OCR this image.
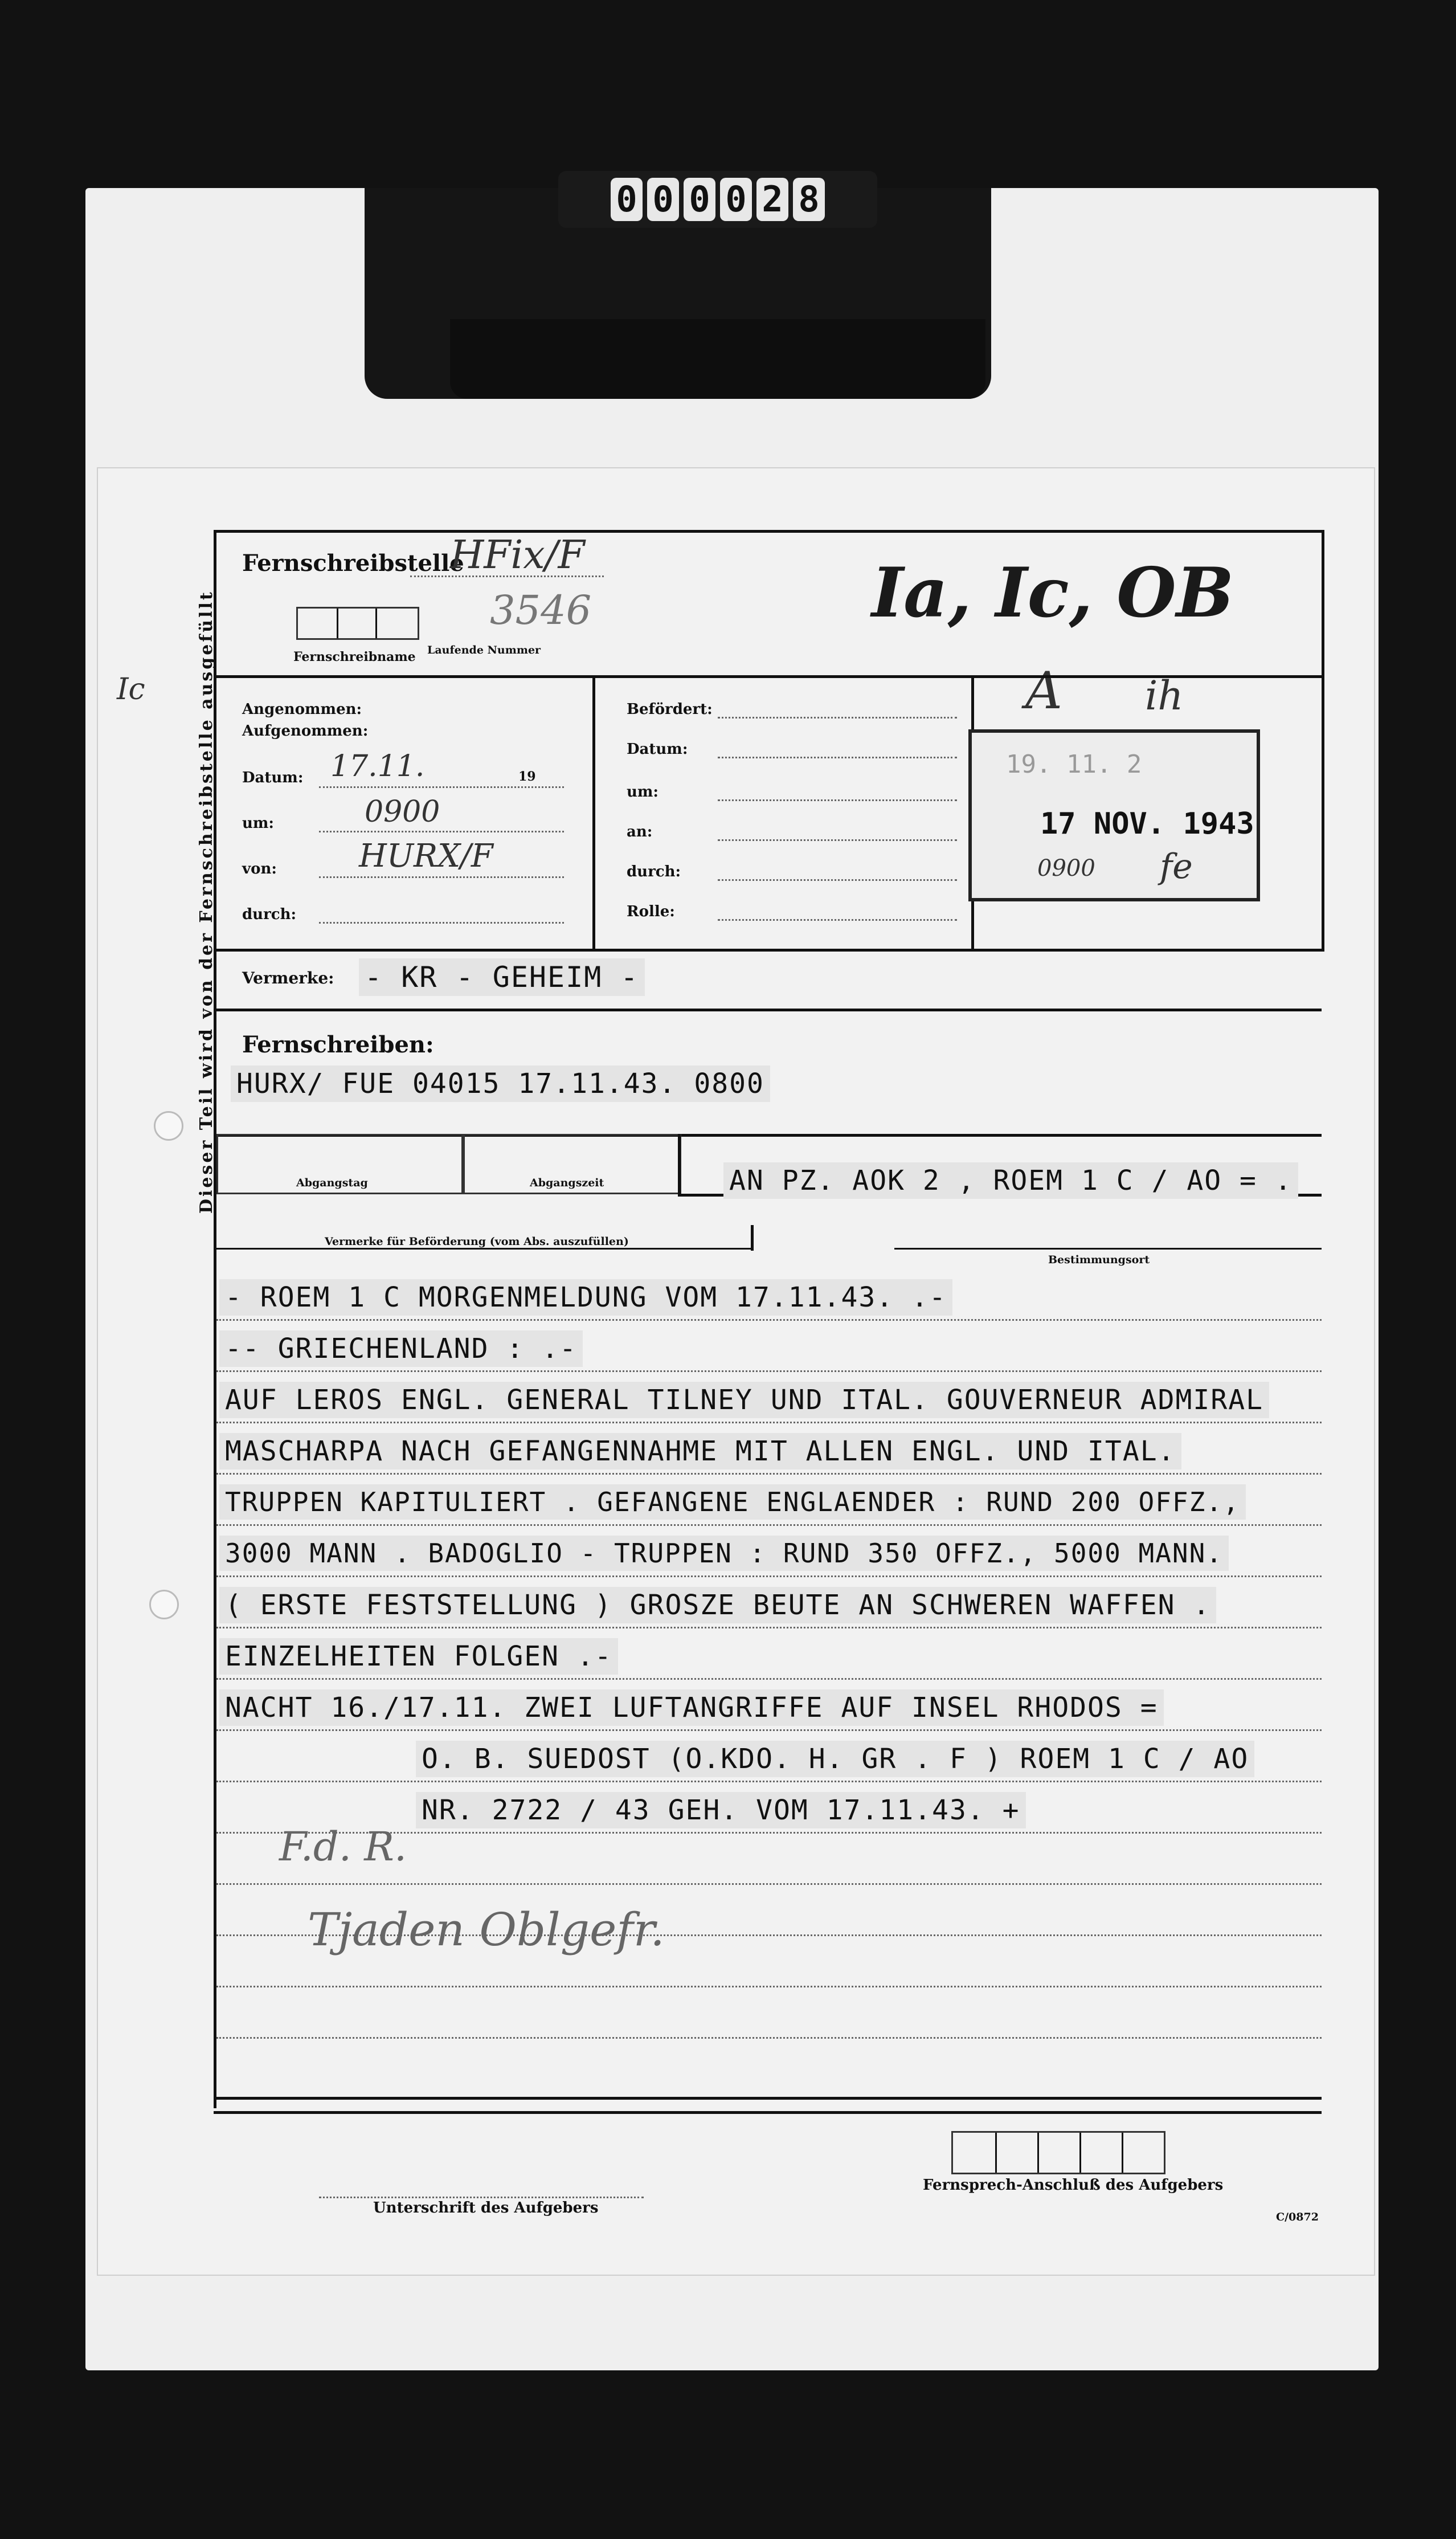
0 0 0 0 2 8
Dieser Teil wird von der Fernschreibstelle ausgefüllt
Fernschreibstelle
HFix/F
Fernschreibname Laufende Nummer
3546	Ia, Ic, OB
A ih
Ic
Angenommen:
Aufgenommen:
Datum: 17.11.	19
um:	0900
von:	HURX/F
durch:
Befördert:
Datum:
um:
an:
durch:
Rolle:
19. 11. 2
17 NOV. 1943
0900 fe
Vermerke: - KR - GEHEIM -
Fernschreiben:
HURX/ FUE 04015 17.11.43. 0800
Abgangstag	Abgangszeit	AN PZ. AOK 2 , ROEM 1 C / AO = .
Vermerke für Beförderung (vom Abs. auszufüllen)
Bestimmungsort
- ROEM 1 C MORGENMELDUNG VOM 17.11.43. .-
-- GRIECHENLAND : .-
AUF LEROS ENGL. GENERAL TILNEY UND ITAL. GOUVERNEUR ADMIRAL
MASCHARPA NACH GEFANGENNAHME MIT ALLEN ENGL. UND ITAL.
TRUPPEN KAPITULIERT . GEFANGENE ENGLAENDER : RUND 200 OFFZ.,
3000 MANN . BADOGLIO - TRUPPEN : RUND 350 OFFZ., 5000 MANN.
( ERSTE FESTSTELLUNG ) GROSZE BEUTE AN SCHWEREN WAFFEN .
EINZELHEITEN FOLGEN .-
NACHT 16./17.11. ZWEI LUFTANGRIFFE AUF INSEL RHODOS =
O. B. SUEDOST (O.KDO. H. GR . F ) ROEM 1 C / AO
NR. 2722 / 43 GEH. VOM 17.11.43. +
F.d. R.
Tjaden Oblgefr.
Unterschrift des Aufgebers
Fernsprech-Anschluß des Aufgebers
C/0872
